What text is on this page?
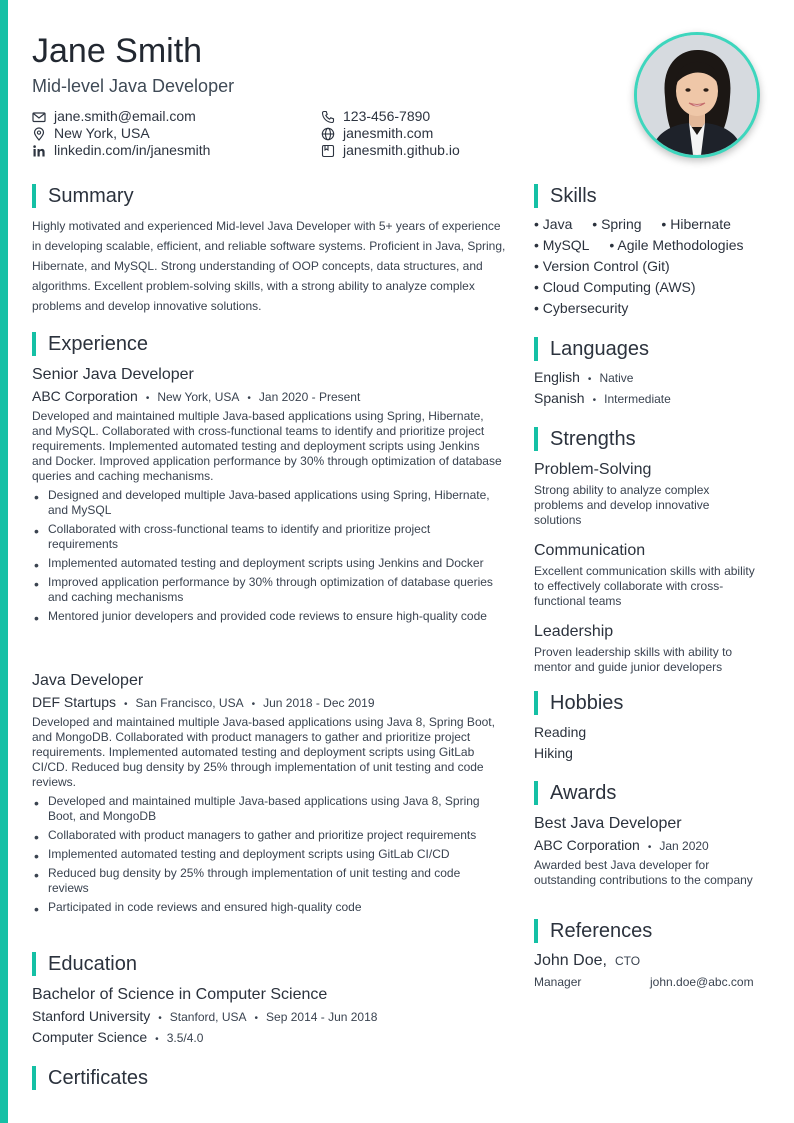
Jane Smith
Mid-level Java Developer
jane.smith@email.com
New York, USA
linkedin.com/in/janesmith
123-456-7890
janesmith.com
janesmith.github.io
Summary
Highly motivated and experienced Mid-level Java Developer with 5+ years of experience in developing scalable, efficient, and reliable software systems. Proficient in Java, Spring, Hibernate, and MySQL. Strong understanding of OOP concepts, data structures, and algorithms. Excellent problem-solving skills, with a strong ability to analyze complex problems and develop innovative solutions.
Experience
Senior Java Developer
ABC Corporation • New York, USA • Jan 2020 - Present
Developed and maintained multiple Java-based applications using Spring, Hibernate, and MySQL. Collaborated with cross-functional teams to identify and prioritize project requirements. Implemented automated testing and deployment scripts using Jenkins and Docker. Improved application performance by 30% through optimization of database queries and caching mechanisms.
• Designed and developed multiple Java-based applications using Spring, Hibernate, and MySQL
• Collaborated with cross-functional teams to identify and prioritize project requirements
• Implemented automated testing and deployment scripts using Jenkins and Docker
• Improved application performance by 30% through optimization of database queries and caching mechanisms
• Mentored junior developers and provided code reviews to ensure high-quality code
Java Developer
DEF Startups • San Francisco, USA • Jun 2018 - Dec 2019
Developed and maintained multiple Java-based applications using Java 8, Spring Boot, and MongoDB. Collaborated with product managers to gather and prioritize project requirements. Implemented automated testing and deployment scripts using GitLab CI/CD. Reduced bug density by 25% through implementation of unit testing and code reviews.
• Developed and maintained multiple Java-based applications using Java 8, Spring Boot, and MongoDB
• Collaborated with product managers to gather and prioritize project requirements
• Implemented automated testing and deployment scripts using GitLab CI/CD
• Reduced bug density by 25% through implementation of unit testing and code reviews
• Participated in code reviews and ensured high-quality code
Education
Bachelor of Science in Computer Science
Stanford University • Stanford, USA • Sep 2014 - Jun 2018
Computer Science • 3.5/4.0
Certificates
Skills
• Java • Spring • Hibernate
• MySQL • Agile Methodologies
• Version Control (Git)
• Cloud Computing (AWS)
• Cybersecurity
Languages
English • Native
Spanish • Intermediate
Strengths
Problem-Solving
Strong ability to analyze complex problems and develop innovative solutions
Communication
Excellent communication skills with ability to effectively collaborate with cross-functional teams
Leadership
Proven leadership skills with ability to mentor and guide junior developers
Hobbies
Reading
Hiking
Awards
Best Java Developer
ABC Corporation • Jan 2020
Awarded best Java developer for outstanding contributions to the company
References
John Doe, CTO
Manager	john.doe@abc.com
